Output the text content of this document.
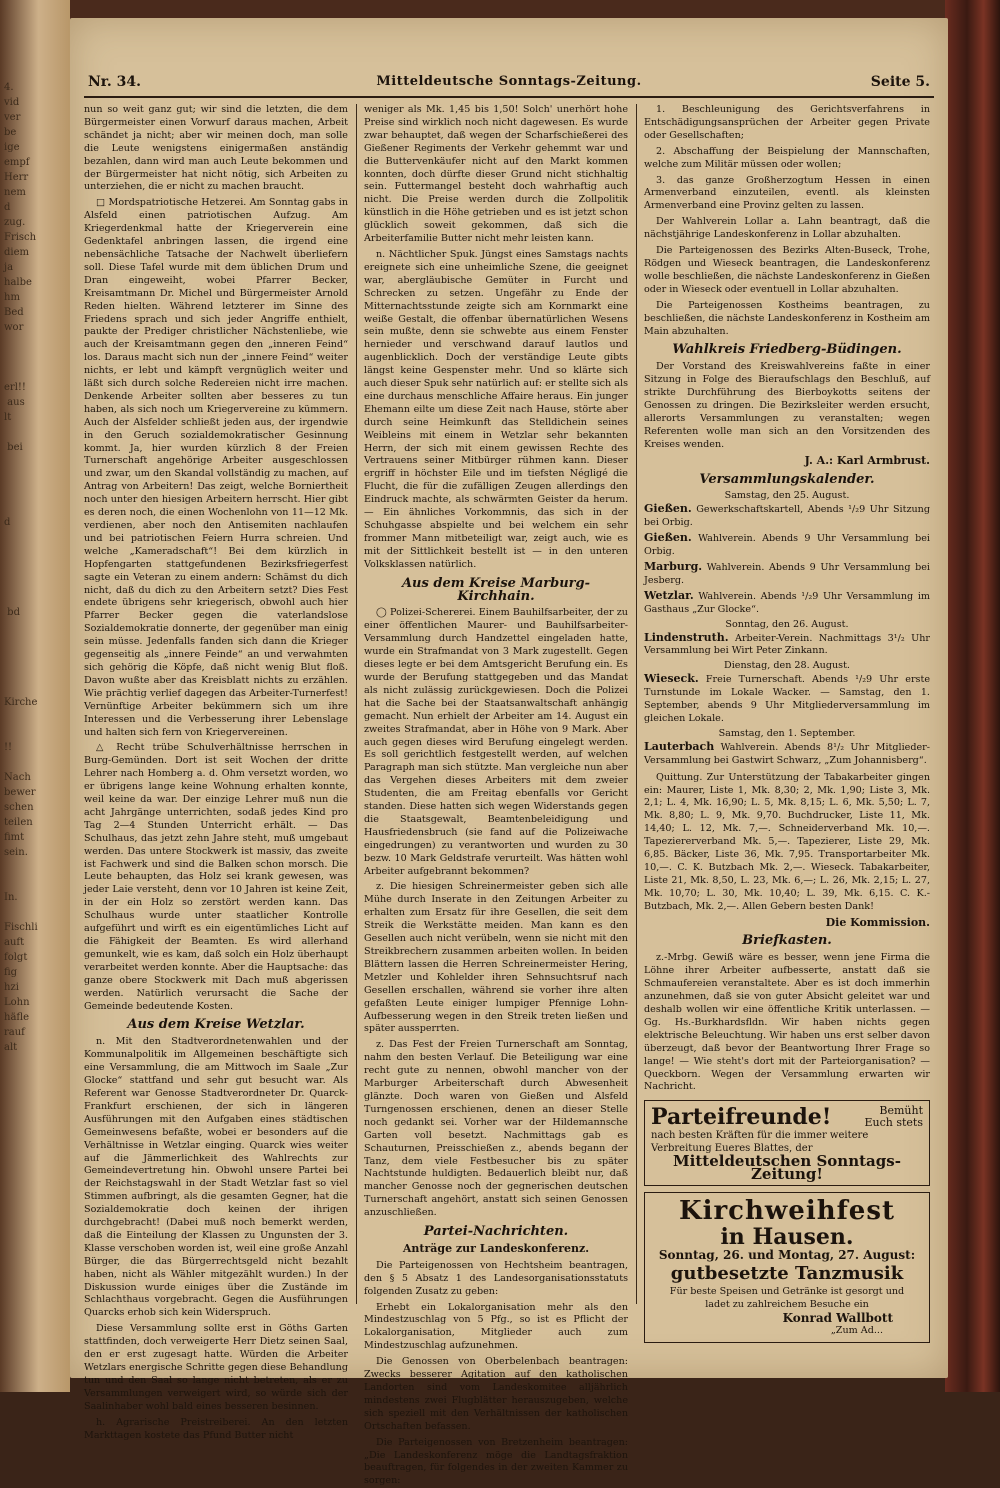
4.
vid
ver
be
ige
empf
Herr
nem
d
zug.
Frisch
diem
ja
halbe
hm
Bed
wor

erl!!
aus
lt

bei

d

bd

Kirche

!!

Nach
bewer
schen
teilen
fimt
sein.

In.

Fischli
auft
folgt
fig
hzi
Lohn
häfle
rauf
alt
Mitteldeutsche Sonntags-Zeitung.
Nr. 34.	Seite 5.

nun so weit ganz gut; wir sind die letzten, die dem Bürgermeister einen Vorwurf daraus machen, Arbeit schändet ja nicht; aber wir meinen doch, man solle die Leute wenigstens einigermaßen anständig bezahlen, dann wird man auch Leute bekommen und der Bürgermeister hat nicht nötig, sich Arbeiten zu unterziehen, die er nicht zu machen braucht.

□ Mordspatriotische Hetzerei. Am Sonntag gabs in Alsfeld einen patriotischen Aufzug. Am Kriegerdenkmal hatte der Kriegerverein eine Gedenktafel anbringen lassen, die irgend eine nebensächliche Tatsache der Nachwelt überliefern soll. Diese Tafel wurde mit dem üblichen Drum und Dran eingeweiht, wobei Pfarrer Becker, Kreisamtmann Dr. Michel und Bürgermeister Arnold Reden hielten. Während letzterer im Sinne des Friedens sprach und sich jeder Angriffe enthielt, paukte der Prediger christlicher Nächstenliebe, wie auch der Kreisamtmann gegen den „inneren Feind“ los. Daraus macht sich nun der „innere Feind“ weiter nichts, er lebt und kämpft vergnüglich weiter und läßt sich durch solche Redereien nicht irre machen. Denkende Arbeiter sollten aber besseres zu tun haben, als sich noch um Kriegervereine zu kümmern. Auch der Alsfelder schließt jeden aus, der irgendwie in den Geruch sozialdemokratischer Gesinnung kommt. Ja, hier wurden kürzlich 8 der Freien Turnerschaft angehörige Arbeiter ausgeschlossen und zwar, um den Skandal vollständig zu machen, auf Antrag von Arbeitern! Das zeigt, welche Borniertheit noch unter den hiesigen Arbeitern herrscht. Hier gibt es deren noch, die einen Wochenlohn von 11—12 Mk. verdienen, aber noch den Antisemiten nachlaufen und bei patriotischen Feiern Hurra schreien. Und welche „Kameradschaft“! Bei dem kürzlich in Hopfengarten stattgefundenen Bezirksfriegerfest sagte ein Veteran zu einem andern: Schämst du dich nicht, daß du dich zu den Arbeitern setzt? Dies Fest endete übrigens sehr kriegerisch, obwohl auch hier Pfarrer Becker gegen die vaterlandslose Sozialdemokratie donnerte, der gegenüber man einig sein müsse. Jedenfalls fanden sich dann die Krieger gegenseitig als „innere Feinde“ an und verwahmten sich gehörig die Köpfe, daß nicht wenig Blut floß. Davon wußte aber das Kreisblatt nichts zu erzählen. Wie prächtig verlief dagegen das Arbeiter-Turnerfest! Vernünftige Arbeiter bekümmern sich um ihre Interessen und die Verbesserung ihrer Lebenslage und halten sich fern von Kriegervereinen.

△ Recht trübe Schulverhältnisse herrschen in Burg-Gemünden. Dort ist seit Wochen der dritte Lehrer nach Homberg a. d. Ohm versetzt worden, wo er übrigens lange keine Wohnung erhalten konnte, weil keine da war. Der einzige Lehrer muß nun die acht Jahrgänge unterrichten, sodaß jedes Kind pro Tag 2—4 Stunden Unterricht erhält. — Das Schulhaus, das jetzt zehn Jahre steht, muß umgebaut werden. Das untere Stockwerk ist massiv, das zweite ist Fachwerk und sind die Balken schon morsch. Die Leute behaupten, das Holz sei krank gewesen, was jeder Laie versteht, denn vor 10 Jahren ist keine Zeit, in der ein Holz so zerstört werden kann. Das Schulhaus wurde unter staatlicher Kontrolle aufgeführt und wirft es ein eigentümliches Licht auf die Fähigkeit der Beamten. Es wird allerhand gemunkelt, wie es kam, daß solch ein Holz überhaupt verarbeitet werden konnte. Aber die Hauptsache: das ganze obere Stockwerk mit Dach muß abgerissen werden. Natürlich verursacht die Sache der Gemeinde bedeutende Kosten.

Aus dem Kreise Wetzlar.

n. Mit den Stadtverordnetenwahlen und der Kommunalpolitik im Allgemeinen beschäftigte sich eine Versammlung, die am Mittwoch im Saale „Zur Glocke“ stattfand und sehr gut besucht war. Als Referent war Genosse Stadtverordneter Dr. Quarck-Frankfurt erschienen, der sich in längeren Ausführungen mit den Aufgaben eines städtischen Gemeinwesens befaßte, wobei er besonders auf die Verhältnisse in Wetzlar einging. Quarck wies weiter auf die Jämmerlichkeit des Wahlrechts zur Gemeindevertretung hin. Obwohl unsere Partei bei der Reichstagswahl in der Stadt Wetzlar fast so viel Stimmen aufbringt, als die gesamten Gegner, hat die Sozialdemokratie doch keinen der ihrigen durchgebracht! (Dabei muß noch bemerkt werden, daß die Einteilung der Klassen zu Ungunsten der 3. Klasse verschoben worden ist, weil eine große Anzahl Bürger, die das Bürgerrechtsgeld nicht bezahlt haben, nicht als Wähler mitgezählt wurden.) In der Diskussion wurde einiges über die Zustände im Schlachthaus vorgebracht. Gegen die Ausführungen Quarcks erhob sich kein Widerspruch.

Diese Versammlung sollte erst in Göths Garten stattfinden, doch verweigerte Herr Dietz seinen Saal, den er erst zugesagt hatte. Würden die Arbeiter Wetzlars energische Schritte gegen diese Behandlung tun und den Saal so lange nicht betreten, als er zu Versammlungen verweigert wird, so würde sich der Saalinhaber wohl bald eines besseren besinnen.

h. Agrarische Preistreiberei. An den letzten Markttagen kostete das Pfund Butter nicht

weniger als Mk. 1,45 bis 1,50! Solch' unerhört hohe Preise sind wirklich noch nicht dagewesen. Es wurde zwar behauptet, daß wegen der Scharfschießerei des Gießener Regiments der Verkehr gehemmt war und die Buttervenkäufer nicht auf den Markt kommen konnten, doch dürfte dieser Grund nicht stichhaltig sein. Futtermangel besteht doch wahrhaftig auch nicht. Die Preise werden durch die Zollpolitik künstlich in die Höhe getrieben und es ist jetzt schon glücklich soweit gekommen, daß sich die Arbeiterfamilie Butter nicht mehr leisten kann.

n. Nächtlicher Spuk. Jüngst eines Samstags nachts ereignete sich eine unheimliche Szene, die geeignet war, abergläubische Gemüter in Furcht und Schrecken zu setzen. Ungefähr zu Ende der Mitternachtsstunde zeigte sich am Kornmarkt eine weiße Gestalt, die offenbar übernatürlichen Wesens sein mußte, denn sie schwebte aus einem Fenster hernieder und verschwand darauf lautlos und augenblicklich. Doch der verständige Leute gibts längst keine Gespenster mehr. Und so klärte sich auch dieser Spuk sehr natürlich auf: er stellte sich als eine durchaus menschliche Affaire heraus. Ein junger Ehemann eilte um diese Zeit nach Hause, störte aber durch seine Heimkunft das Stelldichein seines Weibleins mit einem in Wetzlar sehr bekannten Herrn, der sich mit einem gewissen Rechte des Vertrauens seiner Mitbürger rühmen kann. Dieser ergriff in höchster Eile und im tiefsten Négligé die Flucht, die für die zufälligen Zeugen allerdings den Eindruck machte, als schwärmten Geister da herum. — Ein ähnliches Vorkommnis, das sich in der Schuhgasse abspielte und bei welchem ein sehr frommer Mann mitbeteiligt war, zeigt auch, wie es mit der Sittlichkeit bestellt ist — in den unteren Volksklassen natürlich.

Aus dem Kreise Marburg-Kirchhain.

◯ Polizei-Schererei. Einem Bauhilfsarbeiter, der zu einer öffentlichen Maurer- und Bauhilfsarbeiter-Versammlung durch Handzettel eingeladen hatte, wurde ein Strafmandat von 3 Mark zugestellt. Gegen dieses legte er bei dem Amtsgericht Berufung ein. Es wurde der Berufung stattgegeben und das Mandat als nicht zulässig zurückgewiesen. Doch die Polizei hat die Sache bei der Staatsanwaltschaft anhängig gemacht. Nun erhielt der Arbeiter am 14. August ein zweites Strafmandat, aber in Höhe von 9 Mark. Aber auch gegen dieses wird Berufung eingelegt werden. Es soll gerichtlich festgestellt werden, auf welchen Paragraph man sich stützte. Man vergleiche nun aber das Vergehen dieses Arbeiters mit dem zweier Studenten, die am Freitag ebenfalls vor Gericht standen. Diese hatten sich wegen Widerstands gegen die Staatsgewalt, Beamtenbeleidigung und Hausfriedensbruch (sie fand auf die Polizeiwache eingedrungen) zu verantworten und wurden zu 30 bezw. 10 Mark Geldstrafe verurteilt. Was hätten wohl Arbeiter aufgebrannt bekommen?

z. Die hiesigen Schreinermeister geben sich alle Mühe durch Inserate in den Zeitungen Arbeiter zu erhalten zum Ersatz für ihre Gesellen, die seit dem Streik die Werkstätte meiden. Man kann es den Gesellen auch nicht verübeln, wenn sie nicht mit den Streikbrechern zusammen arbeiten wollen. In beiden Blättern lassen die Herren Schreinermeister Hering, Metzler und Kohlelder ihren Sehnsuchtsruf nach Gesellen erschallen, während sie vorher ihre alten gefaßten Leute einiger lumpiger Pfennige Lohn-Aufbesserung wegen in den Streik treten ließen und später aussperrten.

z. Das Fest der Freien Turnerschaft am Sonntag, nahm den besten Verlauf. Die Beteiligung war eine recht gute zu nennen, obwohl mancher von der Marburger Arbeiterschaft durch Abwesenheit glänzte. Doch waren von Gießen und Alsfeld Turngenossen erschienen, denen an dieser Stelle noch gedankt sei. Vorher war der Hildemannsche Garten voll besetzt. Nachmittags gab es Schauturnen, Preisschießen z., abends begann der Tanz, dem viele Festbesucher bis zu später Nachtstunde huldigten. Bedauerlich bleibt nur, daß mancher Genosse noch der gegnerischen deutschen Turnerschaft angehört, anstatt sich seinen Genossen anzuschließen.

Partei-Nachrichten.
Anträge zur Landeskonferenz.

Die Parteigenossen von Hechtsheim beantragen, den § 5 Absatz 1 des Landesorganisationsstatuts folgenden Zusatz zu geben:

Erhebt ein Lokalorganisation mehr als den Mindestzuschlag von 5 Pfg., so ist es Pflicht der Lokalorganisation, Mitglieder auch zum Mindestzuschlag aufzunehmen.

Die Genossen von Oberbelenbach beantragen: Zwecks besserer Agitation auf den katholischen Landorten sind vom Landeskomitee alljährlich mindestens zwei Flugblätter herauszugeben, welche sich speziell mit den Verhältnissen der katholischen Ortschaften befassen.

Die Parteigenossen von Bretzenheim beantragen: „Die Landeskonferenz möge die Landtagsfraktion beauftragen, für folgendes in der zweiten Kammer zu sorgen:

1. Beschleunigung des Gerichtsverfahrens in Entschädigungsansprüchen der Arbeiter gegen Private oder Gesellschaften;

2. Abschaffung der Beispielung der Mannschaften, welche zum Militär müssen oder wollen;

3. das ganze Großherzogtum Hessen in einen Armenverband einzuteilen, eventl. als kleinsten Armenverband eine Provinz gelten zu lassen.

Der Wahlverein Lollar a. Lahn beantragt, daß die nächstjährige Landeskonferenz in Lollar abzuhalten.

Die Parteigenossen des Bezirks Alten-Buseck, Trohe, Rödgen und Wieseck beantragen, die Landeskonferenz wolle beschließen, die nächste Landeskonferenz in Gießen oder in Wieseck oder eventuell in Lollar abzuhalten.

Die Parteigenossen Kostheims beantragen, zu beschließen, die nächste Landeskonferenz in Kostheim am Main abzuhalten.

Wahlkreis Friedberg-Büdingen.

Der Vorstand des Kreiswahlvereins faßte in einer Sitzung in Folge des Bieraufschlags den Beschluß, auf strikte Durchführung des Bierboykotts seitens der Genossen zu dringen. Die Bezirksleiter werden ersucht, allerorts Versammlungen zu veranstalten; wegen Referenten wolle man sich an den Vorsitzenden des Kreises wenden.

J. A.: Karl Armbrust.
Versammlungskalender.
Samstag, den 25. August.
Gießen. Gewerkschaftskartell, Abends ¹/₂9 Uhr Sitzung bei Orbig.
Gießen. Wahlverein. Abends 9 Uhr Versammlung bei Orbig.
Marburg. Wahlverein. Abends 9 Uhr Versammlung bei Jesberg.
Wetzlar. Wahlverein. Abends ¹/₂9 Uhr Versammlung im Gasthaus „Zur Glocke“.
Sonntag, den 26. August.
Lindenstruth. Arbeiter-Verein. Nachmittags 3¹/₂ Uhr Versammlung bei Wirt Peter Zinkann.
Dienstag, den 28. August.
Wieseck. Freie Turnerschaft. Abends ¹/₂9 Uhr erste Turnstunde im Lokale Wacker. — Samstag, den 1. September, abends 9 Uhr Mitgliederversammlung im gleichen Lokale.
Samstag, den 1. September.
Lauterbach Wahlverein. Abends 8¹/₂ Uhr Mitglieder-Versammlung bei Gastwirt Schwarz, „Zum Johannisberg“.

Quittung. Zur Unterstützung der Tabakarbeiter gingen ein: Maurer, Liste 1, Mk. 8,30; 2, Mk. 1,90; Liste 3, Mk. 2,1; L. 4, Mk. 16,90; L. 5, Mk. 8,15; L. 6, Mk. 5,50; L. 7, Mk. 8,80; L. 9, Mk. 9,70. Buchdrucker, Liste 11, Mk. 14,40; L. 12, Mk. 7,—. Schneiderverband Mk. 10,—. Tapeziererverband Mk. 5,—. Tapezierer, Liste 29, Mk. 6,85. Bäcker, Liste 36, Mk. 7,95. Transportarbeiter Mk. 10,—. C. K. Butzbach Mk. 2,—. Wieseck. Tabakarbeiter, Liste 21, Mk. 8,50, L. 23, Mk. 6,—; L. 26, Mk. 2,15; L. 27, Mk. 10,70; L. 30, Mk. 10,40; L. 39, Mk. 6,15. C. K.-Butzbach, Mk. 2,—. Allen Gebern besten Dank!

Die Kommission.
Briefkasten.

z.-Mrbg. Gewiß wäre es besser, wenn jene Firma die Löhne ihrer Arbeiter aufbesserte, anstatt daß sie Schmaufereien veranstaltete. Aber es ist doch immerhin anzunehmen, daß sie von guter Absicht geleitet war und deshalb wollen wir eine öffentliche Kritik unterlassen. — Gg. Hs.-Burkhardsfldn. Wir haben nichts gegen elektrische Beleuchtung. Wir haben uns erst selber davon überzeugt, daß bevor der Beantwortung Ihrer Frage so lange! — Wie steht's dort mit der Parteiorganisation? — Queckborn. Wegen der Versammlung erwarten wir Nachricht.

Parteifreunde!	Bemüht
Euch stets
nach besten Kräften für die immer weitere
Verbreitung Eueres Blattes, der
Mitteldeutschen Sonntags-Zeitung!
Kirchweihfest
in Hausen.
Sonntag, 26. und Montag, 27. August:
gutbesetzte Tanzmusik
Für beste Speisen und Getränke ist gesorgt und
ladet zu zahlreichem Besuche ein
Konrad Wallbott
„Zum Ad...
